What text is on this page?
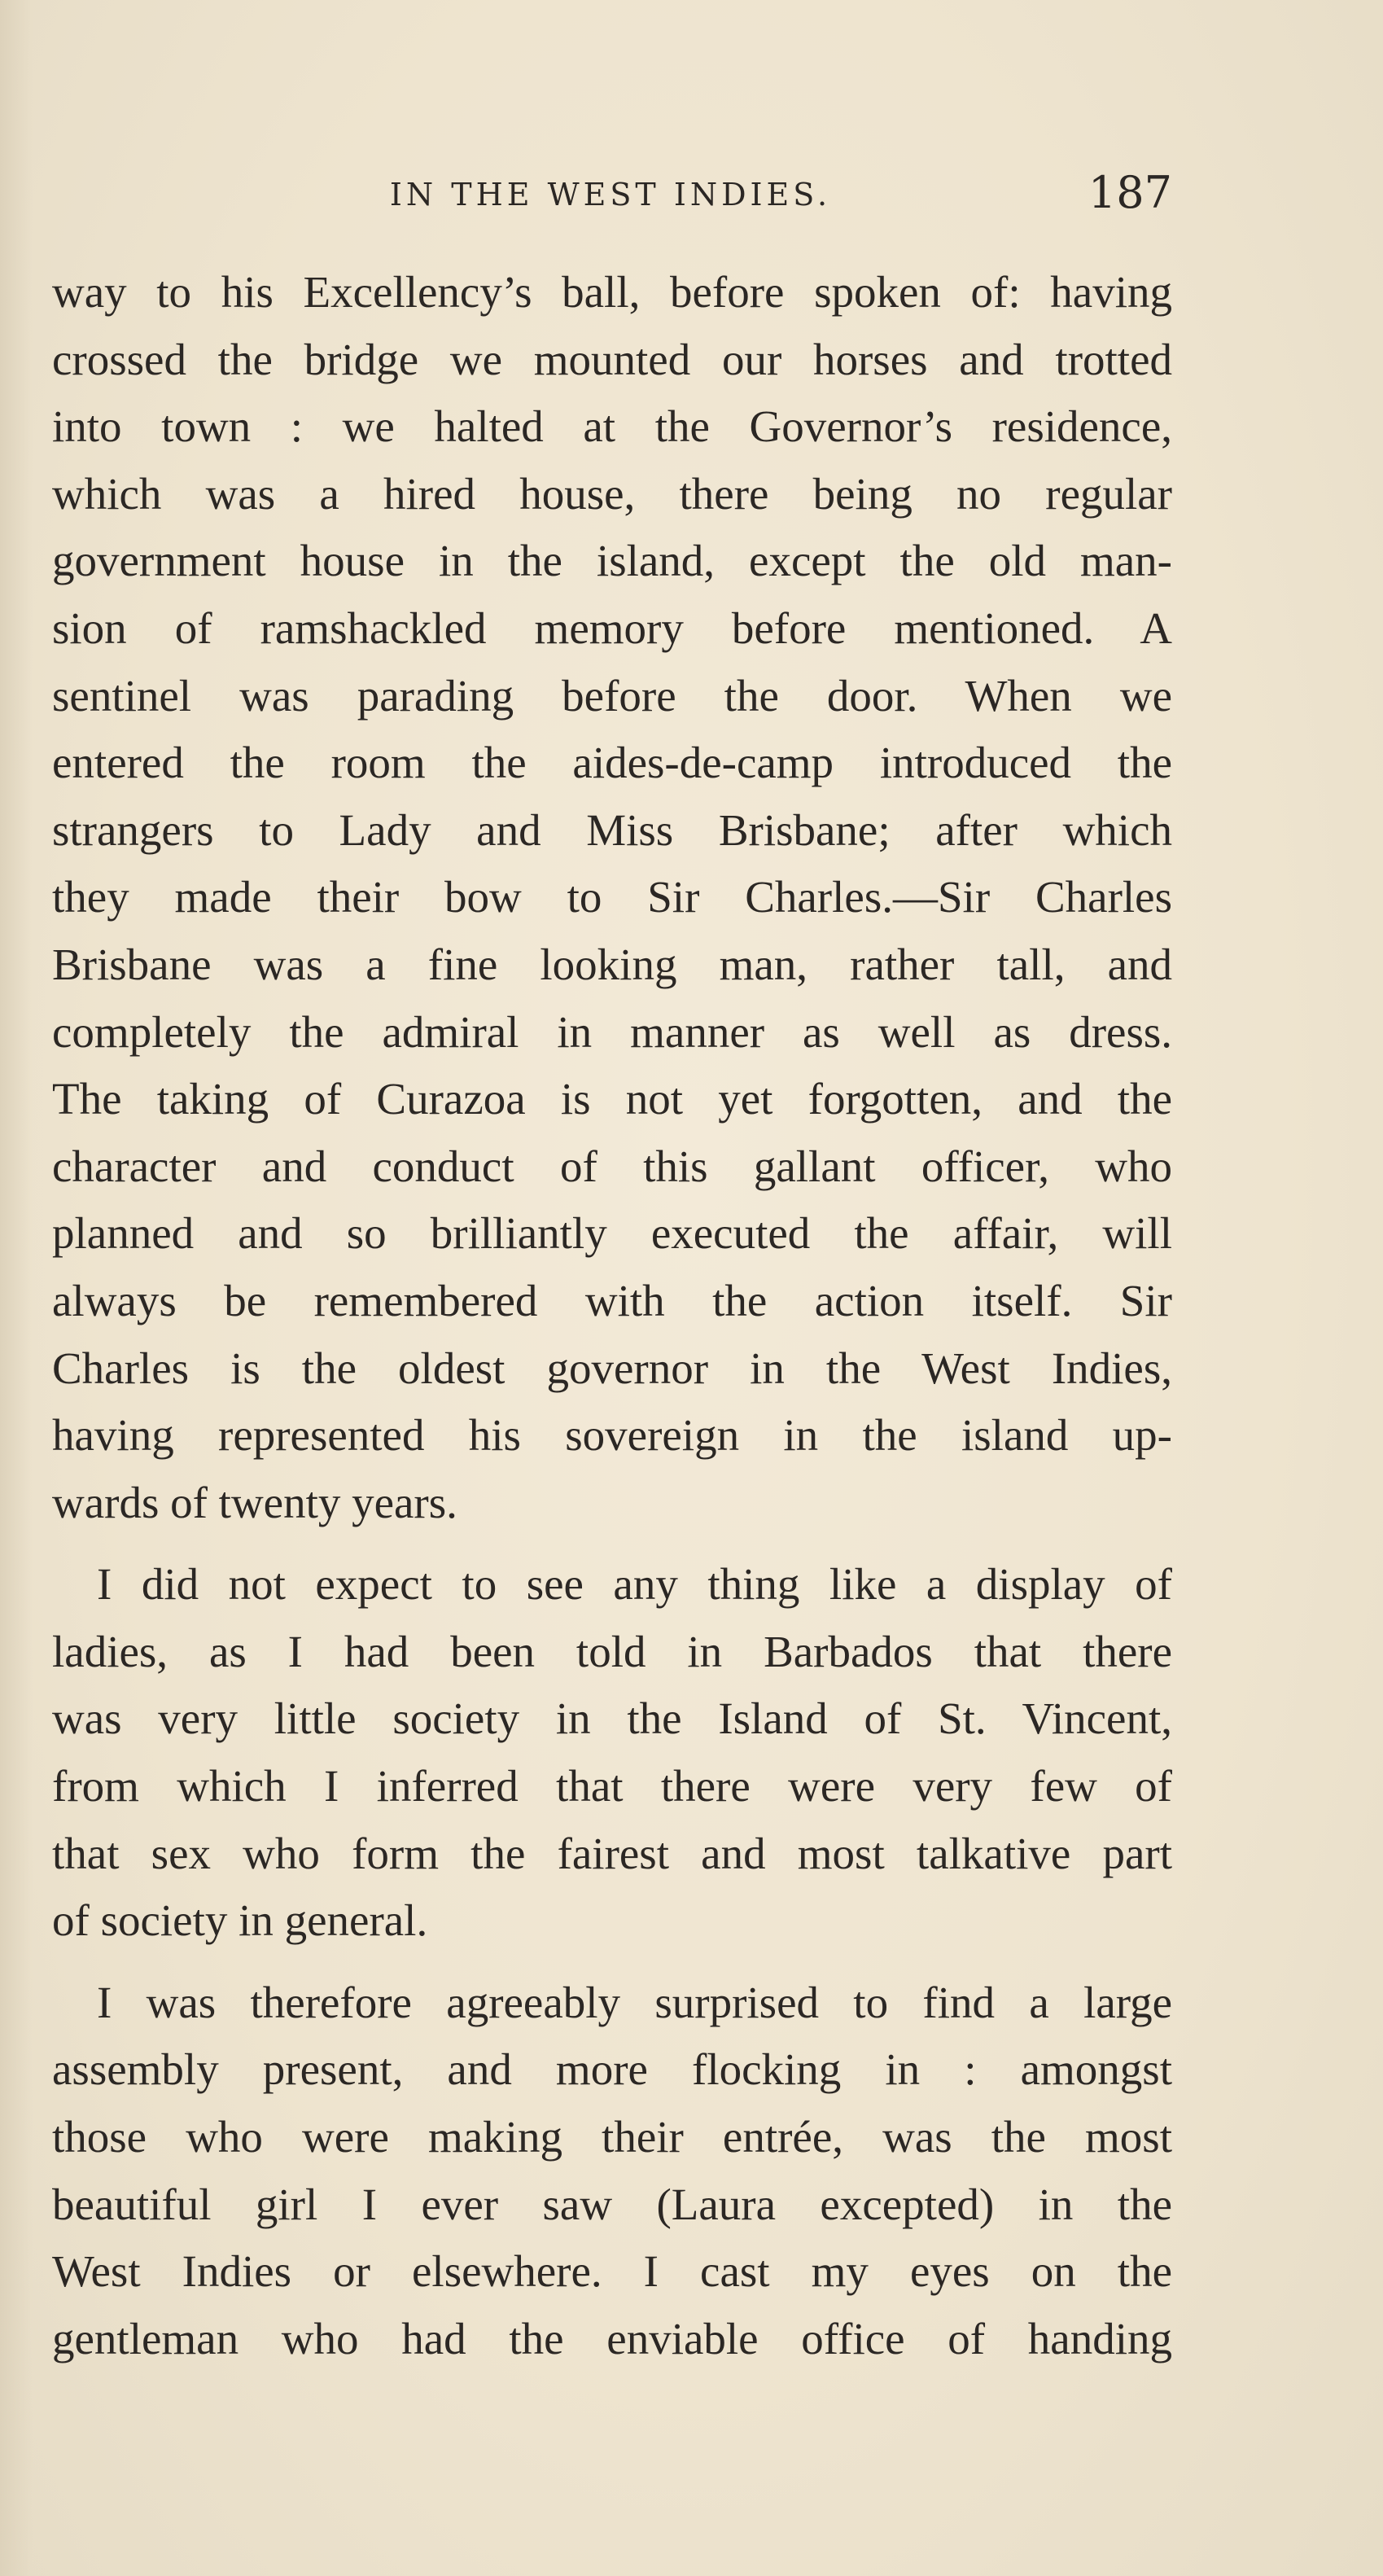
IN THE WEST INDIES.	187

way to his Excellency’s ball, before spoken of: having

crossed the bridge we mounted our horses and trotted

into town : we halted at the Governor’s residence,

which was a hired house, there being no regular

government house in the island, except the old man-

sion of ramshackled memory before mentioned. A

sentinel was parading before the door. When we

entered the room the aides-de-camp introduced the

strangers to Lady and Miss Brisbane; after which

they made their bow to Sir Charles.—Sir Charles

Brisbane was a fine looking man, rather tall, and

completely the admiral in manner as well as dress.

The taking of Curazoa is not yet forgotten, and the

character and conduct of this gallant officer, who

planned and so brilliantly executed the affair, will

always be remembered with the action itself. Sir

Charles is the oldest governor in the West Indies,

having represented his sovereign in the island up-

wards of twenty years.

I did not expect to see any thing like a display of

ladies, as I had been told in Barbados that there

was very little society in the Island of St. Vincent,

from which I inferred that there were very few of

that sex who form the fairest and most talkative part

of society in general.

I was therefore agreeably surprised to find a large

assembly present, and more flocking in : amongst

those who were making their entrée, was the most

beautiful girl I ever saw (Laura excepted) in the

West Indies or elsewhere. I cast my eyes on the

gentleman who had the enviable office of handing
